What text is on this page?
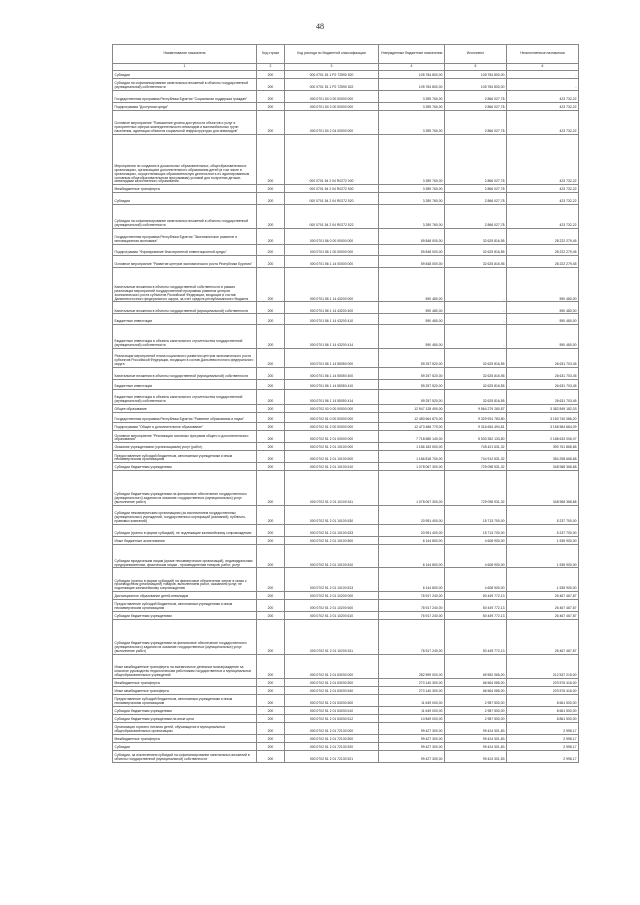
48
Наименование показателя	Код строки	Код расхода по бюджетной классификации	Утвержденные бюджетные назначения	Исполнено	Неисполненные назначения
1	2	3	4	5	6
Субсидии	200	000 0701 51 1 P2 72590 520	105 784 800,00	105 784 800,00	-
Субсидии на софинансирование капитальных вложений в объекты государственной (муниципальной) собственности	200	000 0701 51 1 P2 72590 522	105 784 800,00	105 784 800,00	-
Государственная программа Республики Бурятия "Социальная поддержка граждан"	200	000 0701 54 0 00 00000 000	3 289 760,00	2 866 027,78	423 732,22
Подпрограмма "Доступная среда"	200	000 0701 54 2 00 00000 000	3 289 760,00	2 866 027,78	423 732,22
Основное мероприятие "Повышение уровня доступности объектов и услуг в приоритетных сферах жизнедеятельности инвалидов и маломобильных групп населения, адаптация объектов социальной инфраструктуры для инвалидов"	200	000 0701 54 2 04 00000 000	3 289 760,00	2 866 027,78	423 732,22
Мероприятия по созданию в дошкольных образовательных, общеобразовательных организациях, организациях дополнительного образования детей (в том числе в организациях, осуществляющих образовательную деятельность по адаптированным основным общеобразовательным программам) условий для получения детьми-инвалидами качественного образования	200	000 0701 54 2 04 R0272 000	3 289 760,00	2 866 027,78	423 732,22
Межбюджетные трансферты	200	000 0701 54 2 04 R0272 500	3 289 760,00	2 866 027,78	423 732,22
Субсидии	200	000 0701 54 2 04 R0272 520	3 289 760,00	2 866 027,78	423 732,22
Субсидии на софинансирование капитальных вложений в объекты государственной (муниципальной) собственности	200	000 0701 54 2 04 R0272 522	3 289 760,00	2 866 027,78	423 732,22
Государственная программа Республики Бурятия "Экономическое развитие и инновационная экономика"	200	000 0701 56 0 00 00000 000	59 848 000,00	32 625 816,55	28 222 279,45
Подпрограмма "Формирование благоприятной инвестиционной среды"	200	000 0701 56 1 00 00000 000	59 848 000,00	32 625 816,55	28 222 279,45
Основное мероприятие "Развитие центров экономического роста Республики Бурятия"	200	000 0701 56 1 14 00000 000	59 848 000,00	32 625 816,55	28 222 279,45
Капитальные вложения в объекты государственной собственности в рамках реализации мероприятий государственной программы развития центров экономического роста субъектов Российской Федерации, входящих в состав Дальневосточного федерального округа, за счет средств республиканского бюджета	200	000 0701 56 1 14 43200 000	590 480,00	-	590 480,00
Капитальные вложения в объекты государственной (муниципальной) собственности	200	000 0701 56 1 14 43200 400	590 480,00	-	590 480,00
Бюджетные инвестиции	200	000 0701 56 1 14 43200 410	590 480,00	-	590 480,00
Бюджетные инвестиции в объекты капитального строительства государственной (муниципальной) собственности	200	000 0701 56 1 14 43200 414	590 480,00	-	590 480,00
Реализация мероприятий плана социального развития центров экономического роста субъектов Российской Федерации, входящих в состав Дальневосточного федерального округа	200	000 0701 56 1 14 55050 000	59 257 520,00	32 625 816,55	26 631 703,45
Капитальные вложения в объекты государственной (муниципальной) собственности	200	000 0701 56 1 14 55050 400	59 257 520,00	32 625 816,55	26 631 703,45
Бюджетные инвестиции	200	000 0701 56 1 14 55050 410	59 257 520,00	32 625 816,55	26 631 703,45
Бюджетные инвестиции в объекты капитального строительства государственной (муниципальной) собственности	200	000 0701 56 1 14 55050 414	59 257 520,00	32 625 816,55	26 631 703,45
Общее образование	200	000 0702 00 0 00 00000 000	12 947 128 490,00	9 564 279 260,87	3 382 849 182,03
Государственная программа Республики Бурятия "Развитие образования и науки"	200	000 0702 51 0 00 00000 000	12 480 664 870,00	9 329 924 783,80	3 150 740 086,20
Подпрограмма "Общее и дополнительное образование"	200	000 0702 51 2 00 00000 000	12 473 486 779,00	9 316 654 494,81	3 156 584 684,09
Основное мероприятие "Реализация основных программ общего и дополнительного образования"	200	000 0702 51 2 01 00000 000	7 718 685 140,00	5 530 352 133,80	2 188 633 006,07
Оказание учреждениями (организациями) услуг (работ)	200	000 0702 51 2 01 10100 000	1 186 183 500,00	745 421 631,32	390 761 868,68
Предоставление субсидий бюджетным, автономным учреждениям и иным некоммерческим организациям	200	000 0702 51 2 01 10100 600	1 186 818 700,00	744 912 631,32	354 298 668,68
Субсидии бюджетным учреждениям	200	000 0702 51 2 01 10100 610	1 078 067 300,00	729 098 931,32	348 968 368,68
Субсидии бюджетным учреждениям на финансовое обеспечение государственного (муниципального) задания на оказание государственных (муниципальных) услуг (выполнение работ)	200	000 0702 51 2 01 10100 611	1 078 067 300,00	729 098 931,32	348 968 368,68
Субсидии некоммерческим организациям (за исключением государственных (муниципальных) учреждений, государственных корпораций (компаний), публично-правовых компаний)	200	000 0702 51 2 01 10100 630	20 951 400,00	15 713 700,00	5 237 700,00
Субсидии (гранты в форме субсидий), не подлежащие казначейскому сопровождению	200	000 0702 51 2 01 10100 633	20 951 400,00	15 713 700,00	5 237 700,00
Иные бюджетные ассигнования	200	000 0702 51 2 01 10100 800	6 144 800,00	4 608 900,00	1 535 900,00
Субсидии юридическим лицам (кроме некоммерческих организаций), индивидуальным предпринимателям, физическим лицам - производителям товаров, работ, услуг	200	000 0702 51 2 01 10100 810	6 144 800,00	4 608 900,00	1 535 900,00
Субсидии (гранты в форме субсидий) на финансовое обеспечение затрат в связи с производством (реализацией) товаров, выполнением работ, оказанием услуг, не подлежащие казначейскому сопровождению	200	000 0702 51 2 01 10100 813	6 144 800,00	4 608 900,00	1 535 900,00
Дистанционное образование детей-инвалидов	200	000 0702 51 2 01 10200 000	76 917 240,00	50 449 772,13	26 467 467,87
Предоставление субсидий бюджетным, автономным учреждениям и иным некоммерческим организациям	200	000 0702 51 2 01 10200 600	76 917 240,00	50 449 772,13	26 467 467,87
Субсидии бюджетным учреждениям	200	000 0702 51 2 01 10200 610	76 917 240,00	50 449 772,13	26 467 467,87
Субсидии бюджетным учреждениям на финансовое обеспечение государственного (муниципального) задания на оказание государственных (муниципальных) услуг (выполнение работ)	200	000 0702 51 2 01 10200 611	76 917 240,00	50 449 772,13	26 467 467,87
Иные межбюджетные трансферты на ежемесячное денежное вознаграждение за классное руководство педагогическим работникам государственных и муниципальных общеобразовательных учреждений	200	000 0702 51 2 01 53030 000	282 599 000,00	69 552 065,00	212 537 215,00
Межбюджетные трансферты	200	000 0702 51 2 01 53030 500	270 140 300,00	66 564 085,00	203 576 416,00
Иные межбюджетные трансферты	200	000 0702 51 2 01 53030 540	270 140 300,00	66 564 085,00	203 576 416,00
Предоставление субсидий бюджетным, автономным учреждениям и иным некоммерческим организациям	200	000 0702 51 2 01 53030 600	11 649 000,00	2 987 500,00	8 661 500,00
Субсидии бюджетным учреждениям	200	000 0702 51 2 01 53030 610	11 649 000,00	2 987 500,00	8 661 500,00
Субсидии бюджетным учреждениям на иные цели	200	000 0702 51 2 01 53030 612	10 849 000,00	2 987 500,00	8 861 500,00
Организация горячего питания детей, обучающихся в муниципальных общеобразовательных организациях	200	000 0702 51 2 01 72130 000	99 427 300,00	99 424 301,83	2 998,17
Межбюджетные трансферты	200	000 0702 51 2 01 72130 500	99 427 300,00	99 424 301,83	2 998,17
Субсидии	200	000 0702 51 2 01 72130 520	99 427 300,00	99 424 301,83	2 998,17
Субсидии, за исключением субсидий на софинансирование капитальных вложений в объекты государственной (муниципальной) собственности	200	000 0702 51 2 01 72130 521	99 427 300,00	99 424 301,83	2 998,17
